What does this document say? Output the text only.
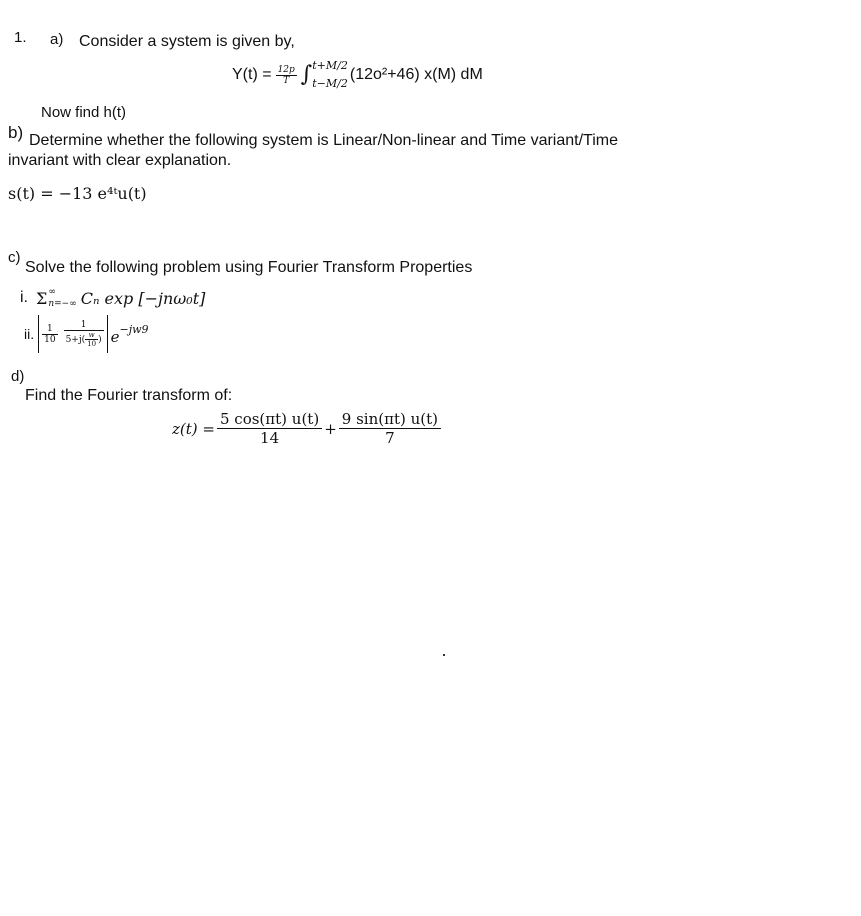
1. a) Consider a system is given by,
$Y(t) = \frac{12p}{T}$ ∫ t+M/2
t−M/2
(12o²+46) x(M) dM
Now find h(t)
b) Determine whether the following system is Linear/Non-linear and Time variant/Time
invariant with clear explanation.
s(t) = −13 e⁴ᵗu(t)
c)
Solve the following problem using Fourier Transform Properties
i. Σ ∞
n=−∞ Cₙ exp [−jnω₀t]
ii. $\frac{1}{10}$	1
5+j ( $\frac{w}{10}$ ) e −jw9
d)
Find the Fourier transform of:
$z(t) = \frac{5 \cos(\pi t) u(t)}{14} + \frac{9 \sin(\pi t) u(t)}{7}$
